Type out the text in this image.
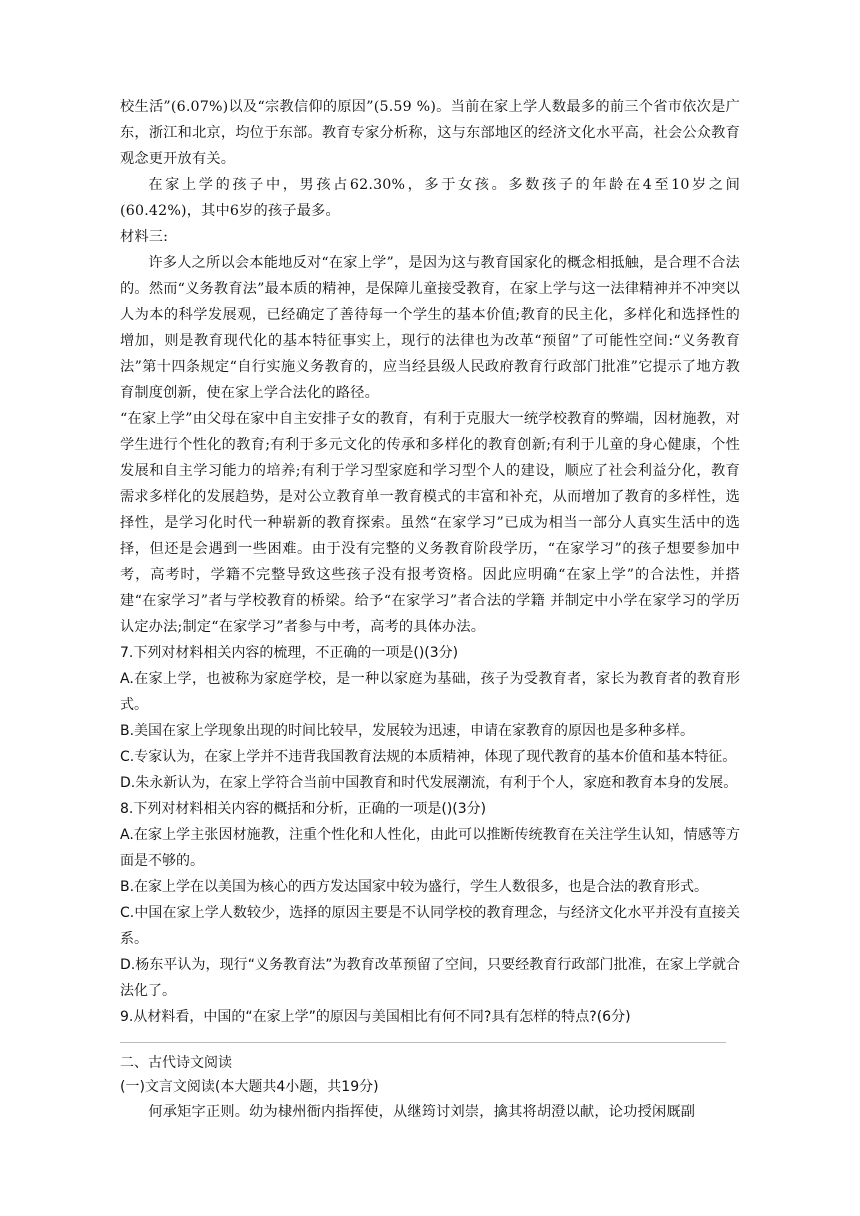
校生活”(6.07%)以及“宗教信仰的原因”(5.59 %)。当前在家上学人数最多的前三个省市依次是广东，浙江和北京，均位于东部。教育专家分析称，这与东部地区的经济文化水平高，社会公众教育观念更开放有关。

在家上学的孩子中，男孩占62.30%，多于女孩。多数孩子的年龄在4至10岁之间(60.42%)，其中6岁的孩子最多。

材料三:

许多人之所以会本能地反对“在家上学”，是因为这与教育国家化的概念相抵触，是合理不合法的。然而“义务教育法”最本质的精神，是保障儿童接受教育，在家上学与这一法律精神并不冲突以人为本的科学发展观，已经确定了善待每一个学生的基本价值;教育的民主化，多样化和选择性的增加，则是教育现代化的基本特征事实上，现行的法律也为改革“预留”了可能性空间:“义务教育法”第十四条规定“自行实施义务教育的，应当经县级人民政府教育行政部门批准”它提示了地方教育制度创新，使在家上学合法化的路径。

“在家上学”由父母在家中自主安排子女的教育，有利于克服大一统学校教育的弊端，因材施教，对学生进行个性化的教育;有利于多元文化的传承和多样化的教育创新;有利于儿童的身心健康，个性发展和自主学习能力的培养;有利于学习型家庭和学习型个人的建设，顺应了社会利益分化，教育需求多样化的发展趋势，是对公立教育单一教育模式的丰富和补充，从而增加了教育的多样性，选择性，是学习化时代一种崭新的教育探索。虽然“在家学习”已成为相当一部分人真实生活中的选择，但还是会遇到一些困难。由于没有完整的义务教育阶段学历，“在家学习”的孩子想要参加中考，高考时，学籍不完整导致这些孩子没有报考资格。因此应明确“在家上学”的合法性，并搭建“在家学习”者与学校教育的桥梁。给予“在家学习”者合法的学籍 并制定中小学在家学习的学历认定办法;制定“在家学习”者参与中考，高考的具体办法。

7.下列对材料相关内容的梳理，不正确的一项是()(3分)

A.在家上学，也被称为家庭学校，是一种以家庭为基础，孩子为受教育者，家长为教育者的教育形式。

B.美国在家上学现象出现的时间比较早，发展较为迅速，申请在家教育的原因也是多种多样。

C.专家认为，在家上学并不违背我国教育法规的本质精神，体现了现代教育的基本价值和基本特征。

D.朱永新认为，在家上学符合当前中国教育和时代发展潮流，有利于个人，家庭和教育本身的发展。

8.下列对材料相关内容的概括和分析，正确的一项是()(3分)

A.在家上学主张因材施教，注重个性化和人性化，由此可以推断传统教育在关注学生认知，情感等方面是不够的。

B.在家上学在以美国为核心的西方发达国家中较为盛行，学生人数很多，也是合法的教育形式。

C.中国在家上学人数较少，选择的原因主要是不认同学校的教育理念，与经济文化水平并没有直接关系。

D.杨东平认为，现行“义务教育法”为教育改革预留了空间，只要经教育行政部门批准，在家上学就合法化了。

9.从材料看，中国的“在家上学”的原因与美国相比有何不同?具有怎样的特点?(6分)

二、古代诗文阅读

(一)文言文阅读(本大题共4小题，共19分)

何承矩字正则。幼为棣州衙内指挥使，从继筠讨刘崇，擒其将胡澄以献，论功授闲厩副
